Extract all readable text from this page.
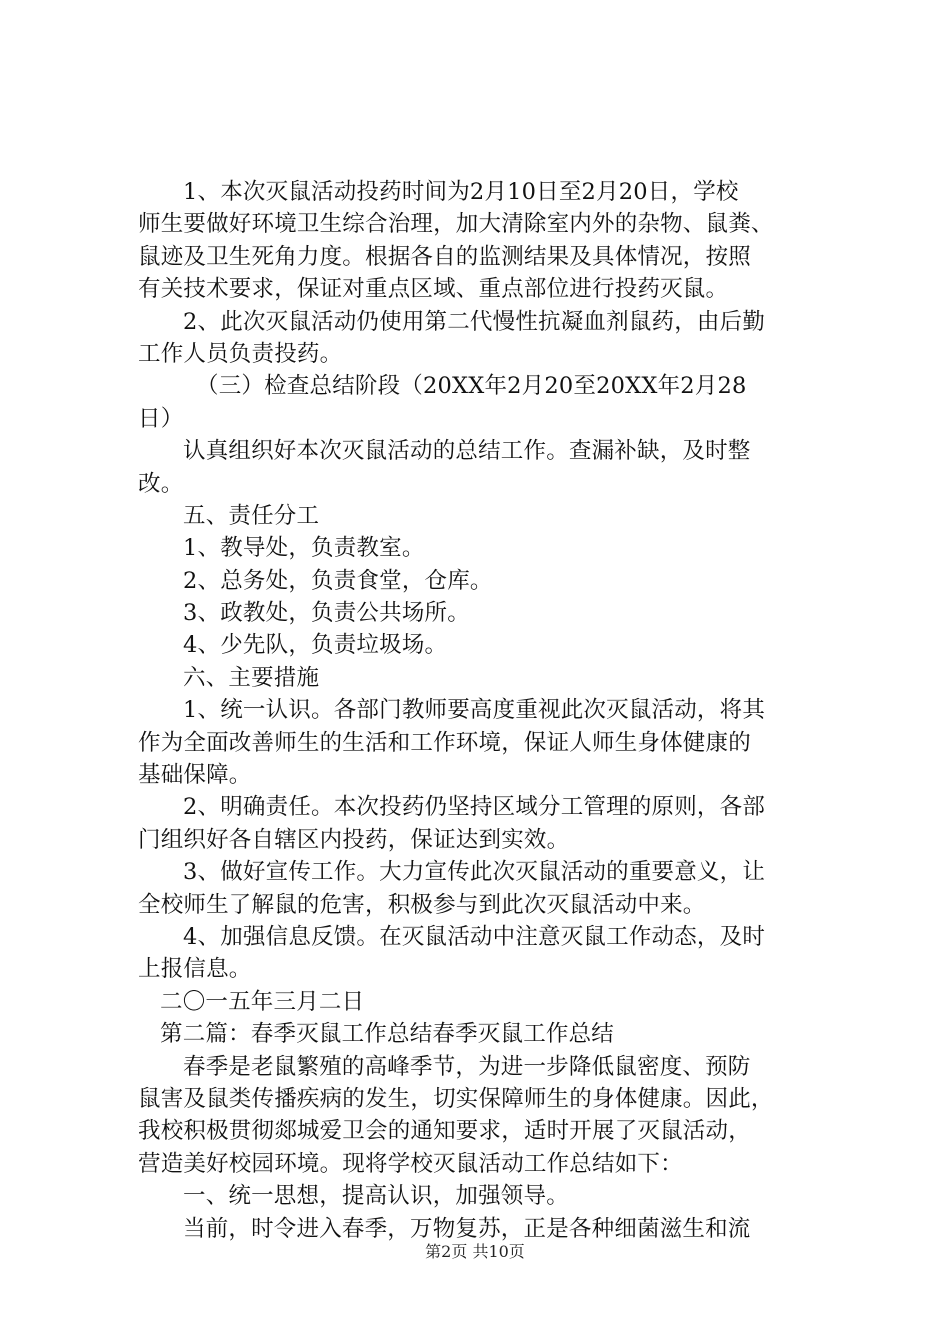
1、本次灭鼠活动投药时间为2月10日至2月20日，学校
师生要做好环境卫生综合治理，加大清除室内外的杂物、鼠粪、
鼠迹及卫生死角力度。根据各自的监测结果及具体情况，按照
有关技术要求，保证对重点区域、重点部位进行投药灭鼠。
2、此次灭鼠活动仍使用第二代慢性抗凝血剂鼠药，由后勤
工作人员负责投药。
（三）检查总结阶段（20XX年2月20至20XX年2月28
日）
认真组织好本次灭鼠活动的总结工作。查漏补缺，及时整
改。
五、责任分工
1、教导处，负责教室。
2、总务处，负责食堂，仓库。
3、政教处，负责公共场所。
4、少先队，负责垃圾场。
六、主要措施
1、统一认识。各部门教师要高度重视此次灭鼠活动，将其
作为全面改善师生的生活和工作环境，保证人师生身体健康的
基础保障。
2、明确责任。本次投药仍坚持区域分工管理的原则，各部
门组织好各自辖区内投药，保证达到实效。
3、做好宣传工作。大力宣传此次灭鼠活动的重要意义，让
全校师生了解鼠的危害，积极参与到此次灭鼠活动中来。
4、加强信息反馈。在灭鼠活动中注意灭鼠工作动态，及时
上报信息。
二〇一五年三月二日
第二篇：春季灭鼠工作总结春季灭鼠工作总结
春季是老鼠繁殖的高峰季节，为进一步降低鼠密度、预防
鼠害及鼠类传播疾病的发生，切实保障师生的身体健康。因此，
我校积极贯彻郯城爱卫会的通知要求，适时开展了灭鼠活动，
营造美好校园环境。现将学校灭鼠活动工作总结如下：
一、统一思想，提高认识，加强领导。
当前，时令进入春季，万物复苏，正是各种细菌滋生和流
第2页 共10页
